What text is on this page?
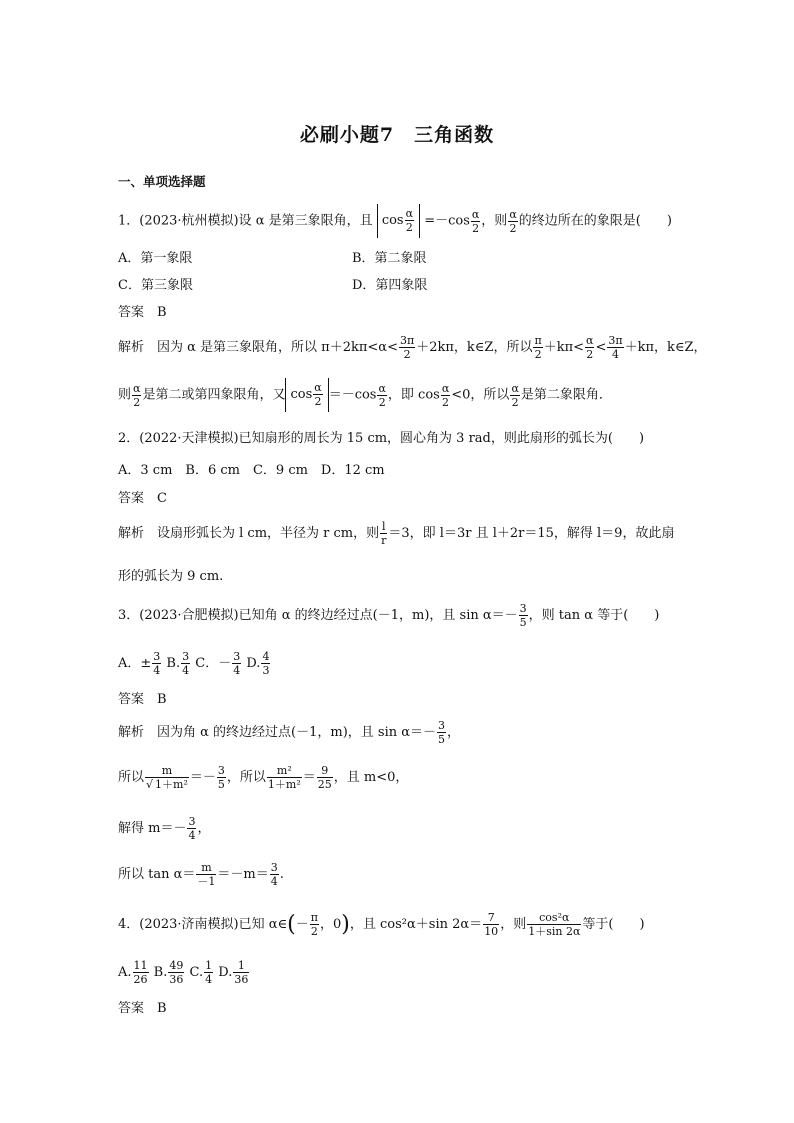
必刷小题7　三角函数
一、单项选择题
1．(2023·杭州模拟)设 α 是第三象限角，且 $\cos \frac{\alpha}{2} =-\cos \frac{\alpha}{2}$ ，则 $\frac{\alpha}{2}$ 的终边所在的象限是(　　)
A．第一象限	B．第二象限
C．第三象限	D．第四象限
答案　B
解析　因为 α 是第三象限角，所以 $\pi+2k\pi<\alpha< \frac{3\pi}{2} +2k\pi$，k∈Z，所以 $\frac{\pi}{2} +k\pi< \frac{\alpha}{2} < \frac{3\pi}{4} +k\pi$，k∈Z，
则 $\frac{\alpha}{2}$ 是第二或第四象限角，又 $\cos \frac{\alpha}{2} =-\cos \frac{\alpha}{2}$ ，即 $\cos \frac{\alpha}{2} <0$，所以 $\frac{\alpha}{2}$ 是第二象限角．
2．(2022·天津模拟)已知扇形的周长为 15 cm，圆心角为 3 rad，则此扇形的弧长为(　　)
A．3 cm　B．6 cm　C．9 cm　D．12 cm
答案　C
解析　设扇形弧长为 l cm，半径为 r cm，则 $\frac{l}{r} =3$，即 l＝3r 且 l＋2r＝15，解得 l＝9，故此扇
形的弧长为 9 cm.
3．(2023·合肥模拟)已知角 α 的终边经过点(－1，m)，且 $\sin \alpha=- \frac{3}{5}$ ，则 tan α 等于(　　)
A．± $\frac{3}{4} B$. $\frac{3}{4}$ C．－ $\frac{3}{4} D$. $\frac{4}{3}$
答案　B
解析　因为角 α 的终边经过点(－1，m)，且 $\sin \alpha=- \frac{3}{5}$ ，
所以 $\frac{m}{\text{√ 1＋m²}} =- \frac{3}{5}$ ，所以 $\frac{\text{m²}}{\text{1＋m²}} = \frac{9}{25}$ ，且 m<0，
解得 $m=- \frac{3}{4}$ ，
所以 $\tan \alpha= \frac{m}{-1} =-m= \frac{3}{4}$ .
4．(2023·济南模拟)已知 α∈(－ $\frac{\pi}{2}$ ，0)，且 cos²α＋sin $2\alpha= \frac{7}{10}$ ，则 $\frac{\text{cos²α}}{1+\sin 2\alpha}$ 等于(　　)
A. $\frac{11}{26} B$. $\frac{49}{36} C$. $\frac{1}{4} D$. $\frac{1}{36}$
答案　B
